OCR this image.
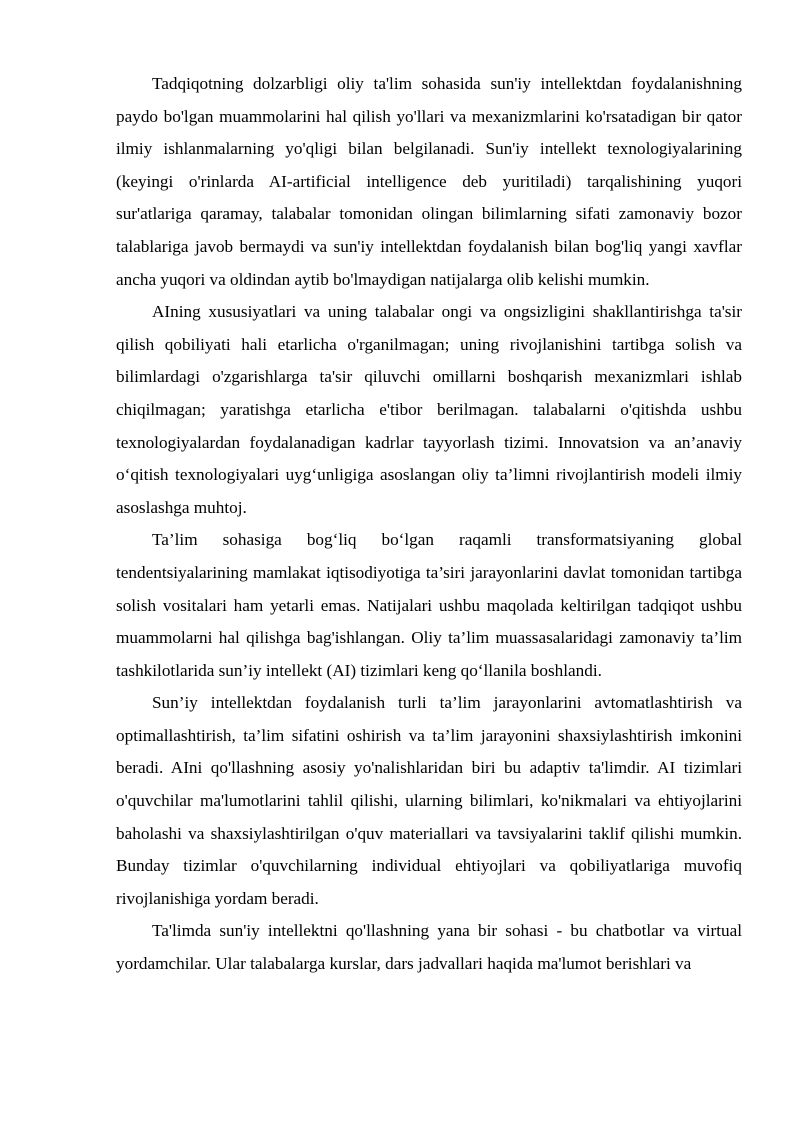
Tadqiqotning dolzarbligi oliy ta'lim sohasida sun'iy intellektdan foydalanishning paydo bo'lgan muammolarini hal qilish yo'llari va mexanizmlarini ko'rsatadigan bir qator ilmiy ishlanmalarning yo'qligi bilan belgilanadi. Sun'iy intellekt texnologiyalarining (keyingi o'rinlarda AI-artificial intelligence deb yuritiladi) tarqalishining yuqori sur'atlariga qaramay, talabalar tomonidan olingan bilimlarning sifati zamonaviy bozor talablariga javob bermaydi va sun'iy intellektdan foydalanish bilan bog'liq yangi xavflar ancha yuqori va oldindan aytib bo'lmaydigan natijalarga olib kelishi mumkin.

AIning xususiyatlari va uning talabalar ongi va ongsizligini shakllantirishga ta'sir qilish qobiliyati hali etarlicha o'rganilmagan; uning rivojlanishini tartibga solish va bilimlardagi o'zgarishlarga ta'sir qiluvchi omillarni boshqarish mexanizmlari ishlab chiqilmagan; yaratishga etarlicha e'tibor berilmagan. talabalarni o'qitishda ushbu texnologiyalardan foydalanadigan kadrlar tayyorlash tizimi. Innovatsion va an’anaviy o‘qitish texnologiyalari uyg‘unligiga asoslangan oliy ta’limni rivojlantirish modeli ilmiy asoslashga muhtoj.

Ta’lim sohasiga bog‘liq bo‘lgan raqamli transformatsiyaning global tendentsiyalarining mamlakat iqtisodiyotiga ta’siri jarayonlarini davlat tomonidan tartibga solish vositalari ham yetarli emas. Natijalari ushbu maqolada keltirilgan tadqiqot ushbu muammolarni hal qilishga bag'ishlangan. Oliy ta’lim muassasalaridagi zamonaviy ta’lim tashkilotlarida sun’iy intellekt (AI) tizimlari keng qo‘llanila boshlandi.

Sun’iy intellektdan foydalanish turli ta’lim jarayonlarini avtomatlashtirish va optimallashtirish, ta’lim sifatini oshirish va ta’lim jarayonini shaxsiylashtirish imkonini beradi. AIni qo'llashning asosiy yo'nalishlaridan biri bu adaptiv ta'limdir. AI tizimlari o'quvchilar ma'lumotlarini tahlil qilishi, ularning bilimlari, ko'nikmalari va ehtiyojlarini baholashi va shaxsiylashtirilgan o'quv materiallari va tavsiyalarini taklif qilishi mumkin. Bunday tizimlar o'quvchilarning individual ehtiyojlari va qobiliyatlariga muvofiq rivojlanishiga yordam beradi.

Ta'limda sun'iy intellektni qo'llashning yana bir sohasi - bu chatbotlar va virtual yordamchilar. Ular talabalarga kurslar, dars jadvallari haqida ma'lumot berishlari va
